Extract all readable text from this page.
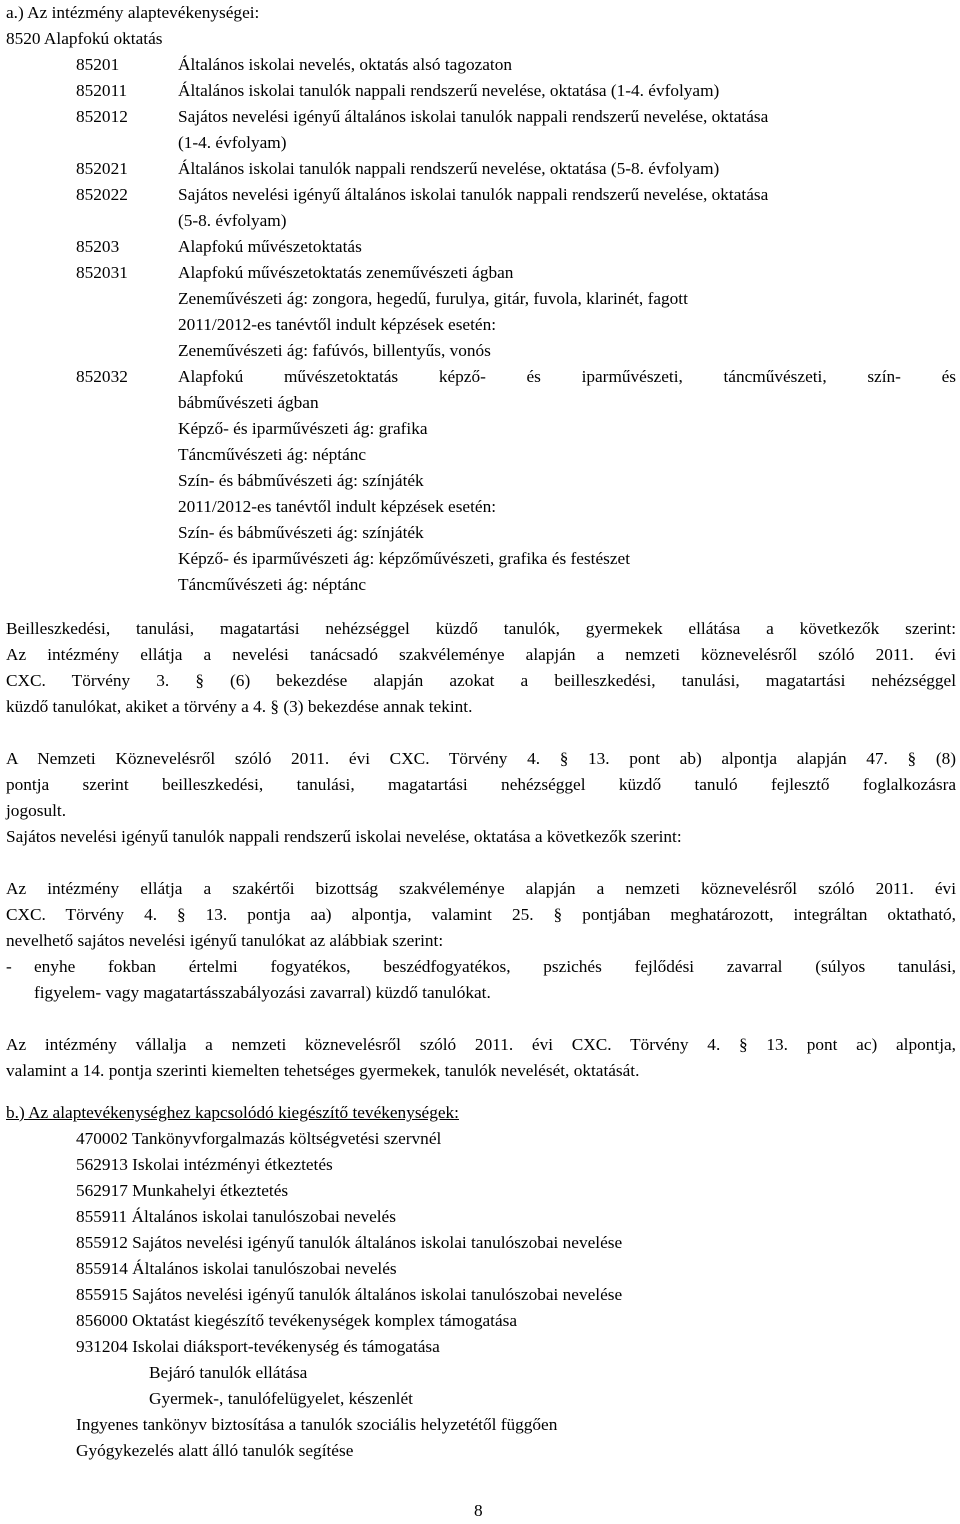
a.) Az intézmény alaptevékenységei:
8520 Alapfokú oktatás
85201	Általános iskolai nevelés, oktatás alsó tagozaton
852011	Általános iskolai tanulók nappali rendszerű nevelése, oktatása (1-4. évfolyam)
852012	Sajátos nevelési igényű általános iskolai tanulók nappali rendszerű nevelése, oktatása
(1-4. évfolyam)
852021	Általános iskolai tanulók nappali rendszerű nevelése, oktatása (5-8. évfolyam)
852022	Sajátos nevelési igényű általános iskolai tanulók nappali rendszerű nevelése, oktatása
(5-8. évfolyam)
85203	Alapfokú művészetoktatás
852031	Alapfokú művészetoktatás zeneművészeti ágban
Zeneművészeti ág: zongora, hegedű, furulya, gitár, fuvola, klarinét, fagott
2011/2012-es tanévtől indult képzések esetén:
Zeneművészeti ág: fafúvós, billentyűs, vonós
852032	Alapfokú művészetoktatás képző- és iparművészeti, táncművészeti, szín- és
bábművészeti ágban
Képző- és iparművészeti ág: grafika
Táncművészeti ág: néptánc
Szín- és bábművészeti ág: színjáték
2011/2012-es tanévtől indult képzések esetén:
Szín- és bábművészeti ág: színjáték
Képző- és iparművészeti ág: képzőművészeti, grafika és festészet
Táncművészeti ág: néptánc
Beilleszkedési, tanulási, magatartási nehézséggel küzdő tanulók, gyermekek ellátása a következők szerint:
Az intézmény ellátja a nevelési tanácsadó szakvéleménye alapján a nemzeti köznevelésről szóló 2011. évi
CXC. Törvény 3. § (6) bekezdése alapján azokat a beilleszkedési, tanulási, magatartási nehézséggel
küzdő tanulókat, akiket a törvény a 4. § (3) bekezdése annak tekint.
A Nemzeti Köznevelésről szóló 2011. évi CXC. Törvény 4. § 13. pont ab) alpontja alapján 47. § (8)
pontja szerint beilleszkedési, tanulási, magatartási nehézséggel küzdő tanuló fejlesztő foglalkozásra
jogosult.
Sajátos nevelési igényű tanulók nappali rendszerű iskolai nevelése, oktatása a következők szerint:
Az intézmény ellátja a szakértői bizottság szakvéleménye alapján a nemzeti köznevelésről szóló 2011. évi
CXC. Törvény 4. § 13. pontja aa) alpontja, valamint 25. § pontjában meghatározott, integráltan oktatható,
nevelhető sajátos nevelési igényű tanulókat az alábbiak szerint:
- enyhe fokban értelmi fogyatékos, beszédfogyatékos, pszichés fejlődési zavarral (súlyos tanulási,
figyelem- vagy magatartásszabályozási zavarral) küzdő tanulókat.
Az intézmény vállalja a nemzeti köznevelésről szóló 2011. évi CXC. Törvény 4. § 13. pont ac) alpontja,
valamint a 14. pontja szerinti kiemelten tehetséges gyermekek, tanulók nevelését, oktatását.
b.) Az alaptevékenységhez kapcsolódó kiegészítő tevékenységek:
470002 Tankönyvforgalmazás költségvetési szervnél
562913 Iskolai intézményi étkeztetés
562917 Munkahelyi étkeztetés
855911 Általános iskolai tanulószobai nevelés
855912 Sajátos nevelési igényű tanulók általános iskolai tanulószobai nevelése
855914 Általános iskolai tanulószobai nevelés
855915 Sajátos nevelési igényű tanulók általános iskolai tanulószobai nevelése
856000 Oktatást kiegészítő tevékenységek komplex támogatása
931204 Iskolai diáksport-tevékenység és támogatása
Bejáró tanulók ellátása
Gyermek-, tanulófelügyelet, készenlét
Ingyenes tankönyv biztosítása a tanulók szociális helyzetétől függően
Gyógykezelés alatt álló tanulók segítése
8
